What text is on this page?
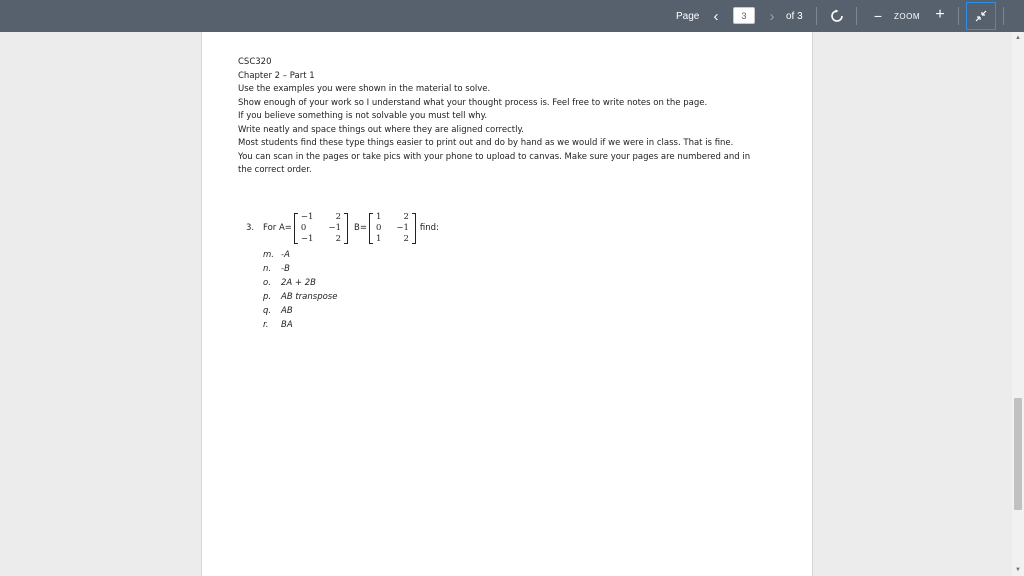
Page ‹
3	›	of 3	−	ZOOM +
CSC320
Chapter 2 – Part 1
Use the examples you were shown in the material to solve.
Show enough of your work so I understand what your thought process is. Feel free to write notes on the page.
If you believe something is not solvable you must tell why.
Write neatly and space things out where they are aligned correctly.
Most students find these type things easier to print out and do by hand as we would if we were in class. That is fine.
You can scan in the pages or take pics with your phone to upload to canvas. Make sure your pages are numbered and in
the correct order.
3.	For A=
−1	2
0	−1
−1	2
B=
1	2
0	−1
1	2
find:
m. -A
n.	-B
o.	2A + 2B
p.	AB transpose
q.	AB
r.	BA
▲
▼
